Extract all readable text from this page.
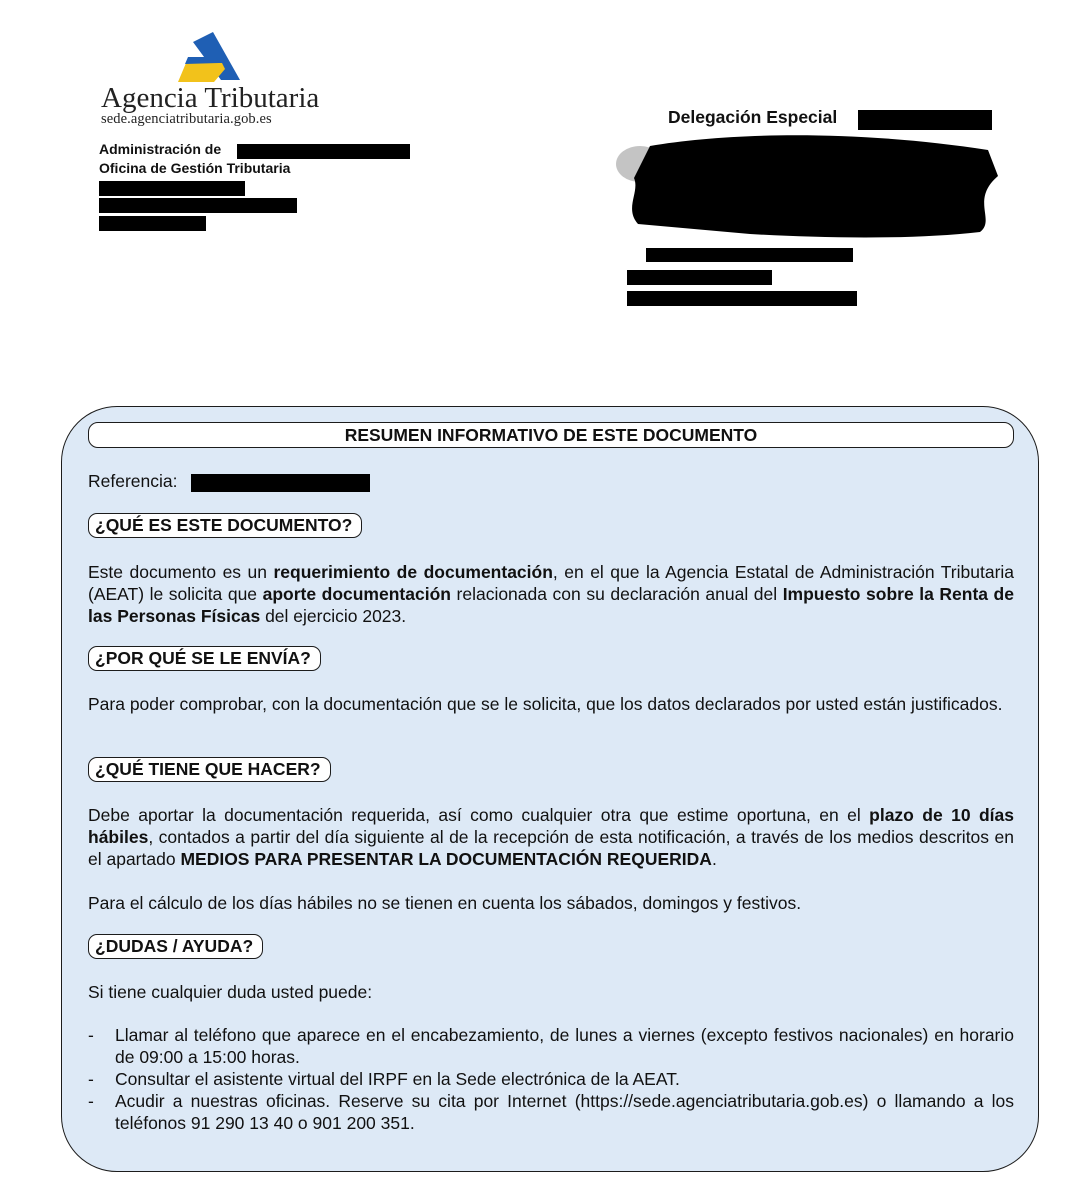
Agencia Tributaria
sede.agenciatributaria.gob.es	Delegación Especial
Administración de
Oficina de Gestión Tributaria
RESUMEN INFORMATIVO DE ESTE DOCUMENTO
Referencia:
¿QUÉ ES ESTE DOCUMENTO?

Este documento es un requerimiento de documentación, en el que la Agencia Estatal de Administración Tributaria (AEAT) le solicita que aporte documentación relacionada con su declaración anual del Impuesto sobre la Renta de las Personas Físicas del ejercicio 2023.

¿POR QUÉ SE LE ENVÍA?

Para poder comprobar, con la documentación que se le solicita, que los datos declarados por usted están justificados.

¿QUÉ TIENE QUE HACER?

Debe aportar la documentación requerida, así como cualquier otra que estime oportuna, en el plazo de 10 días hábiles, contados a partir del día siguiente al de la recepción de esta notificación, a través de los medios descritos en el apartado MEDIOS PARA PRESENTAR LA DOCUMENTACIÓN REQUERIDA.

Para el cálculo de los días hábiles no se tienen en cuenta los sábados, domingos y festivos.

¿DUDAS / AYUDA?

Si tiene cualquier duda usted puede:

- Llamar al teléfono que aparece en el encabezamiento, de lunes a viernes (excepto festivos nacionales) en horario de 09:00 a 15:00 horas.
- Consultar el asistente virtual del IRPF en la Sede electrónica de la AEAT.
- Acudir a nuestras oficinas. Reserve su cita por Internet (https://sede.agenciatributaria.gob.es) o llamando a los teléfonos 91 290 13 40 o 901 200 351.
